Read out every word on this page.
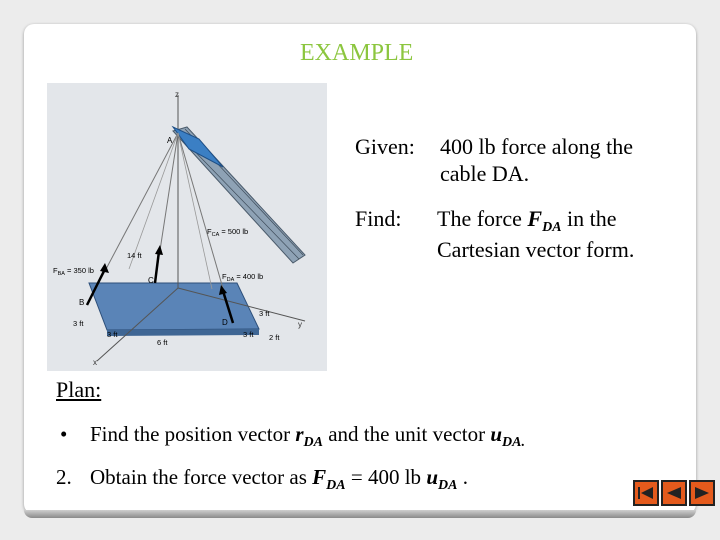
EXAMPLE
z
y
x
A
B
C
D
$F_{CA} = 500$ lb
$F_{DA} = 400$ lb
$F_{BA} = 350$ lb
14 ft
3 ft
3 ft
3 ft
3 ft
6 ft
2 ft
Given: 400 lb force along the cable DA.
Find: The force $F_{DA}$ in the Cartesian vector form.
Plan:
• Find the position vector $r_{DA}$ and the unit vector $u_{DA.}$
2. Obtain the force vector as $F_{DA} = 400$ lb $u_{DA}$ .
